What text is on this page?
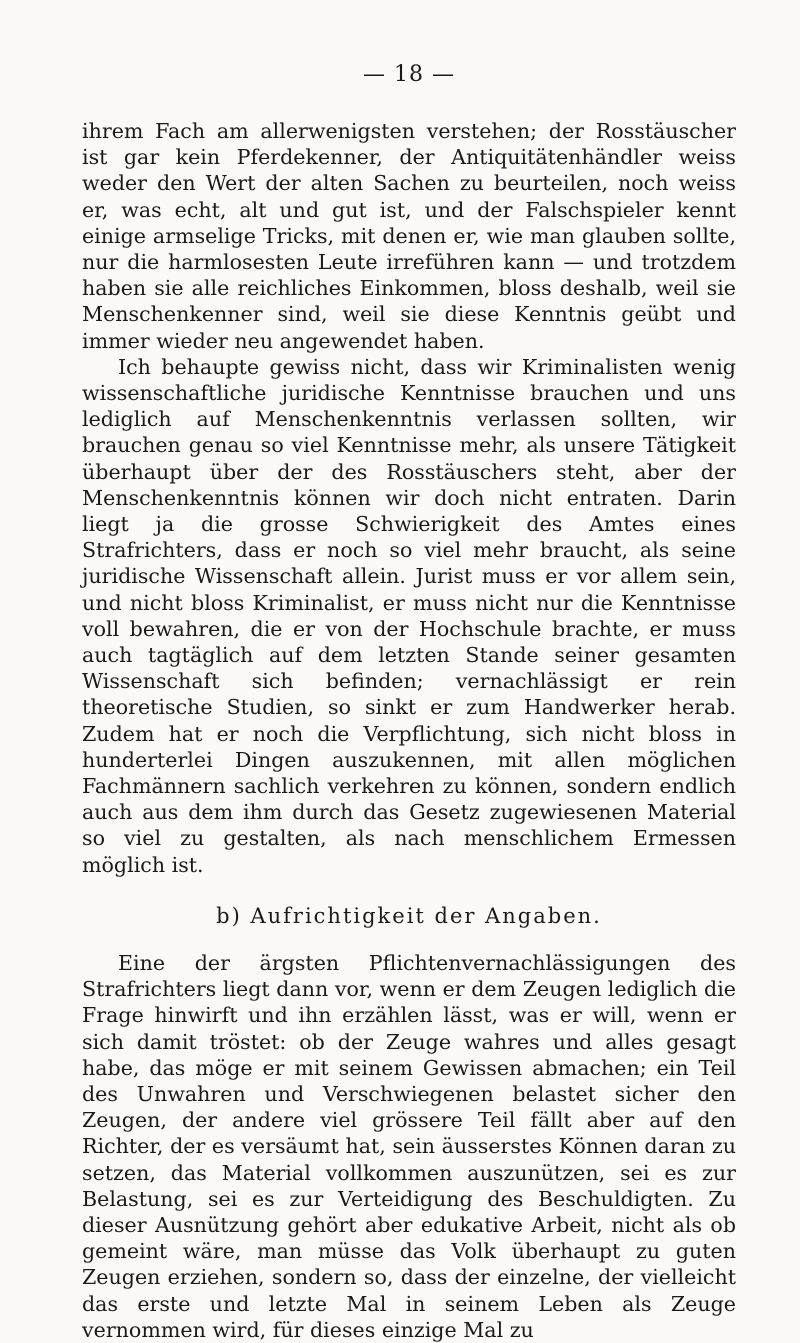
— 18 —

ihrem Fach am allerwenigsten verstehen; der Rosstäuscher ist gar kein Pferdekenner, der Antiquitätenhändler weiss weder den Wert der alten Sachen zu beurteilen, noch weiss er, was echt, alt und gut ist, und der Falschspieler kennt einige armselige Tricks, mit denen er, wie man glauben sollte, nur die harmlosesten Leute irreführen kann — und trotzdem haben sie alle reichliches Einkommen, bloss deshalb, weil sie Menschenkenner sind, weil sie diese Kenntnis geübt und immer wieder neu angewendet haben.

Ich behaupte gewiss nicht, dass wir Kriminalisten wenig wissenschaftliche juridische Kenntnisse brauchen und uns lediglich auf Menschenkenntnis verlassen sollten, wir brauchen genau so viel Kenntnisse mehr, als unsere Tätigkeit überhaupt über der des Rosstäuschers steht, aber der Menschenkenntnis können wir doch nicht entraten. Darin liegt ja die grosse Schwierigkeit des Amtes eines Strafrichters, dass er noch so viel mehr braucht, als seine juridische Wissenschaft allein. Jurist muss er vor allem sein, und nicht bloss Kriminalist, er muss nicht nur die Kenntnisse voll bewahren, die er von der Hochschule brachte, er muss auch tagtäglich auf dem letzten Stande seiner gesamten Wissenschaft sich befinden; vernachlässigt er rein theoretische Studien, so sinkt er zum Handwerker herab. Zudem hat er noch die Verpflichtung, sich nicht bloss in hunderterlei Dingen auszukennen, mit allen möglichen Fachmännern sachlich verkehren zu können, sondern endlich auch aus dem ihm durch das Gesetz zugewiesenen Material so viel zu gestalten, als nach menschlichem Ermessen möglich ist.

b) Aufrichtigkeit der Angaben.

Eine der ärgsten Pflichtenvernachlässigungen des Strafrichters liegt dann vor, wenn er dem Zeugen lediglich die Frage hinwirft und ihn erzählen lässt, was er will, wenn er sich damit tröstet: ob der Zeuge wahres und alles gesagt habe, das möge er mit seinem Gewissen abmachen; ein Teil des Unwahren und Verschwiegenen belastet sicher den Zeugen, der andere viel grössere Teil fällt aber auf den Richter, der es versäumt hat, sein äusserstes Können daran zu setzen, das Material vollkommen auszunützen, sei es zur Belastung, sei es zur Verteidigung des Beschuldigten. Zu dieser Ausnützung gehört aber edukative Arbeit, nicht als ob gemeint wäre, man müsse das Volk überhaupt zu guten Zeugen erziehen, sondern so, dass der einzelne, der vielleicht das erste und letzte Mal in seinem Leben als Zeuge vernommen wird, für dieses einzige Mal zu
